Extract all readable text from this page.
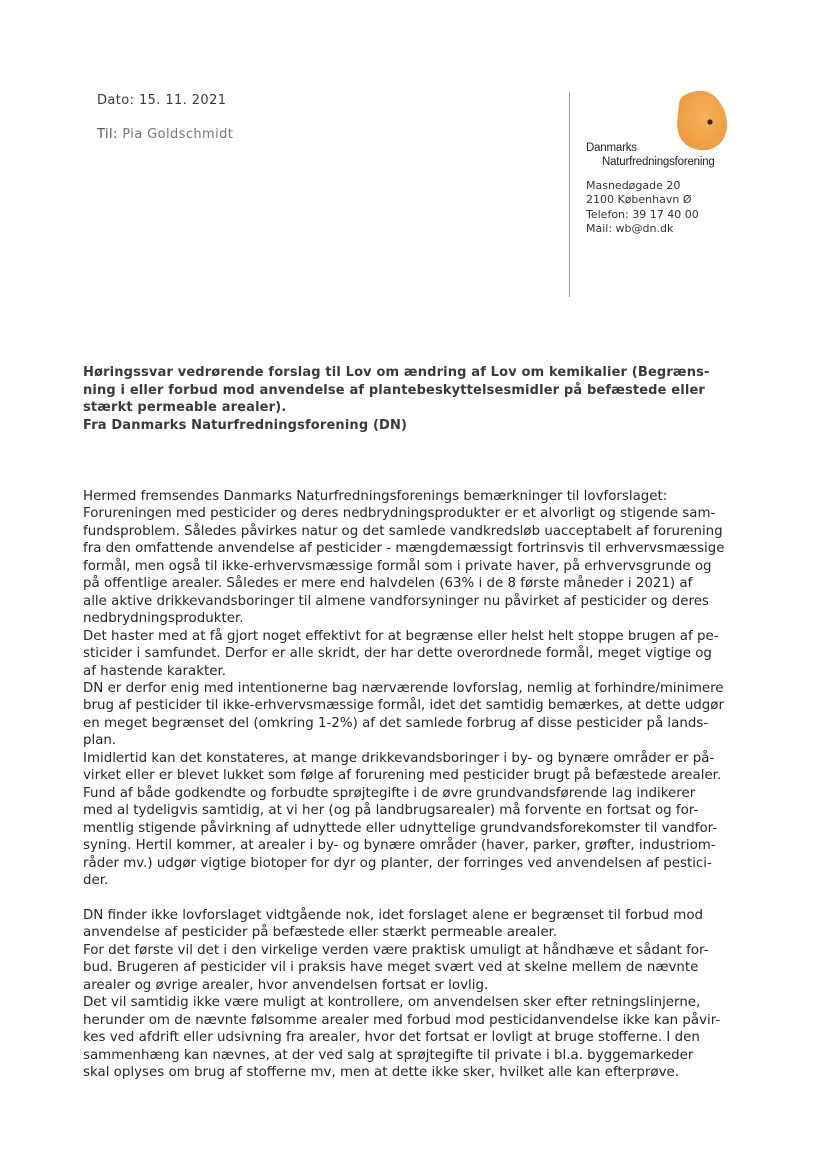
Dato: 15. 11. 2021
Til: Pia Goldschmidt
Danmarks
Naturfredningsforening
Masnedøgade 20
2100 København Ø
Telefon: 39 17 40 00
Mail: wb@dn.dk
Høringssvar vedrørende forslag til Lov om ændring af Lov om kemikalier (Begræns-
ning i eller forbud mod anvendelse af plantebeskyttelsesmidler på befæstede eller
stærkt permeable arealer).
Fra Danmarks Naturfredningsforening (DN)
Hermed fremsendes Danmarks Naturfredningsforenings bemærkninger til lovforslaget:
Forureningen med pesticider og deres nedbrydningsprodukter er et alvorligt og stigende sam-
fundsproblem. Således påvirkes natur og det samlede vandkredsløb uacceptabelt af forurening
fra den omfattende anvendelse af pesticider - mængdemæssigt fortrinsvis til erhvervsmæssige
formål, men også til ikke-erhvervsmæssige formål som i private haver, på erhvervsgrunde og
på offentlige arealer. Således er mere end halvdelen (63% i de 8 første måneder i 2021) af
alle aktive drikkevandsboringer til almene vandforsyninger nu påvirket af pesticider og deres
nedbrydningsprodukter.
Det haster med at få gjort noget effektivt for at begrænse eller helst helt stoppe brugen af pe-
sticider i samfundet. Derfor er alle skridt, der har dette overordnede formål, meget vigtige og
af hastende karakter.
DN er derfor enig med intentionerne bag nærværende lovforslag, nemlig at forhindre/minimere
brug af pesticider til ikke-erhvervsmæssige formål, idet det samtidig bemærkes, at dette udgør
en meget begrænset del (omkring 1-2%) af det samlede forbrug af disse pesticider på lands-
plan.
Imidlertid kan det konstateres, at mange drikkevandsboringer i by- og bynære områder er på-
virket eller er blevet lukket som følge af forurening med pesticider brugt på befæstede arealer.
Fund af både godkendte og forbudte sprøjtegifte i de øvre grundvandsførende lag indikerer
med al tydeligvis samtidig, at vi her (og på landbrugsarealer) må forvente en fortsat og for-
mentlig stigende påvirkning af udnyttede eller udnyttelige grundvandsforekomster til vandfor-
syning. Hertil kommer, at arealer i by- og bynære områder (haver, parker, grøfter, industriom-
råder mv.) udgør vigtige biotoper for dyr og planter, der forringes ved anvendelsen af pestici-
der.
DN finder ikke lovforslaget vidtgående nok, idet forslaget alene er begrænset til forbud mod
anvendelse af pesticider på befæstede eller stærkt permeable arealer.
For det første vil det i den virkelige verden være praktisk umuligt at håndhæve et sådant for-
bud. Brugeren af pesticider vil i praksis have meget svært ved at skelne mellem de nævnte
arealer og øvrige arealer, hvor anvendelsen fortsat er lovlig.
Det vil samtidig ikke være muligt at kontrollere, om anvendelsen sker efter retningslinjerne,
herunder om de nævnte følsomme arealer med forbud mod pesticidanvendelse ikke kan påvir-
kes ved afdrift eller udsivning fra arealer, hvor det fortsat er lovligt at bruge stofferne. I den
sammenhæng kan nævnes, at der ved salg at sprøjtegifte til private i bl.a. byggemarkeder
skal oplyses om brug af stofferne mv, men at dette ikke sker, hvilket alle kan efterprøve.
